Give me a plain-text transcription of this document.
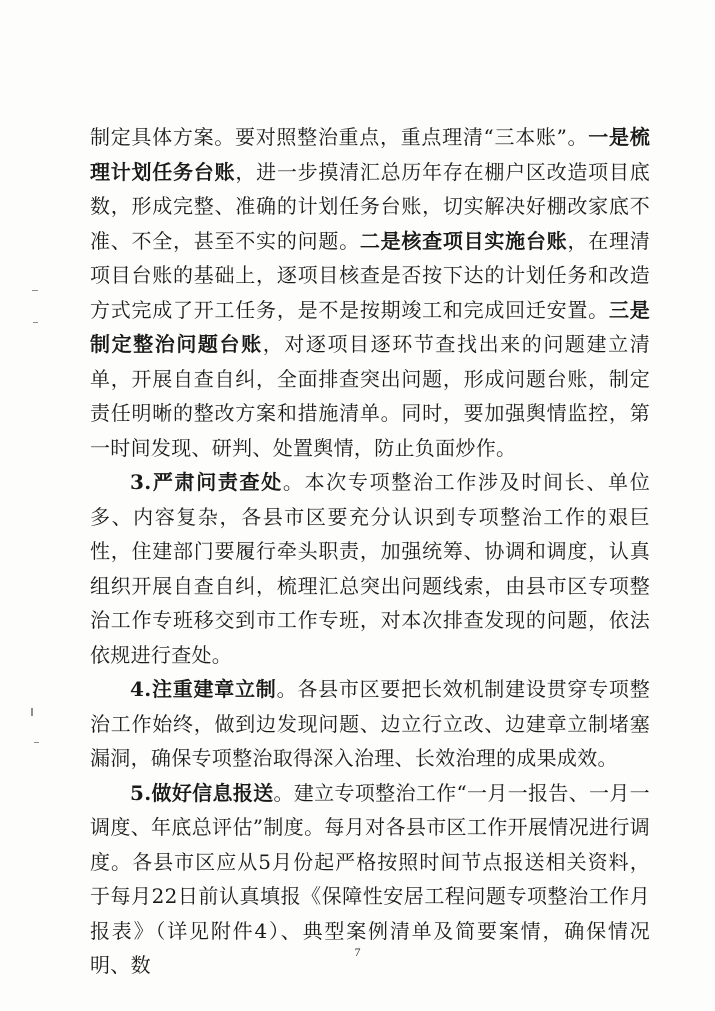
制定具体方案。要对照整治重点，重点理清“三本账”。一是梳理计划任务台账，进一步摸清汇总历年存在棚户区改造项目底数，形成完整、准确的计划任务台账，切实解决好棚改家底不准、不全，甚至不实的问题。二是核查项目实施台账，在理清项目台账的基础上，逐项目核查是否按下达的计划任务和改造方式完成了开工任务，是不是按期竣工和完成回迁安置。三是制定整治问题台账，对逐项目逐环节查找出来的问题建立清单，开展自查自纠，全面排查突出问题，形成问题台账，制定责任明晰的整改方案和措施清单。同时，要加强舆情监控，第一时间发现、研判、处置舆情，防止负面炒作。

3.严肃问责查处。本次专项整治工作涉及时间长、单位多、内容复杂，各县市区要充分认识到专项整治工作的艰巨性，住建部门要履行牵头职责，加强统筹、协调和调度，认真组织开展自查自纠，梳理汇总突出问题线索，由县市区专项整治工作专班移交到市工作专班，对本次排查发现的问题，依法依规进行查处。

4.注重建章立制。各县市区要把长效机制建设贯穿专项整治工作始终，做到边发现问题、边立行立改、边建章立制堵塞漏洞，确保专项整治取得深入治理、长效治理的成果成效。

5.做好信息报送。建立专项整治工作“一月一报告、一月一调度、年底总评估”制度。每月对各县市区工作开展情况进行调度。各县市区应从5月份起严格按照时间节点报送相关资料，于每月22日前认真填报《保障性安居工程问题专项整治工作月报表》（详见附件4）、典型案例清单及简要案情，确保情况明、数

7
